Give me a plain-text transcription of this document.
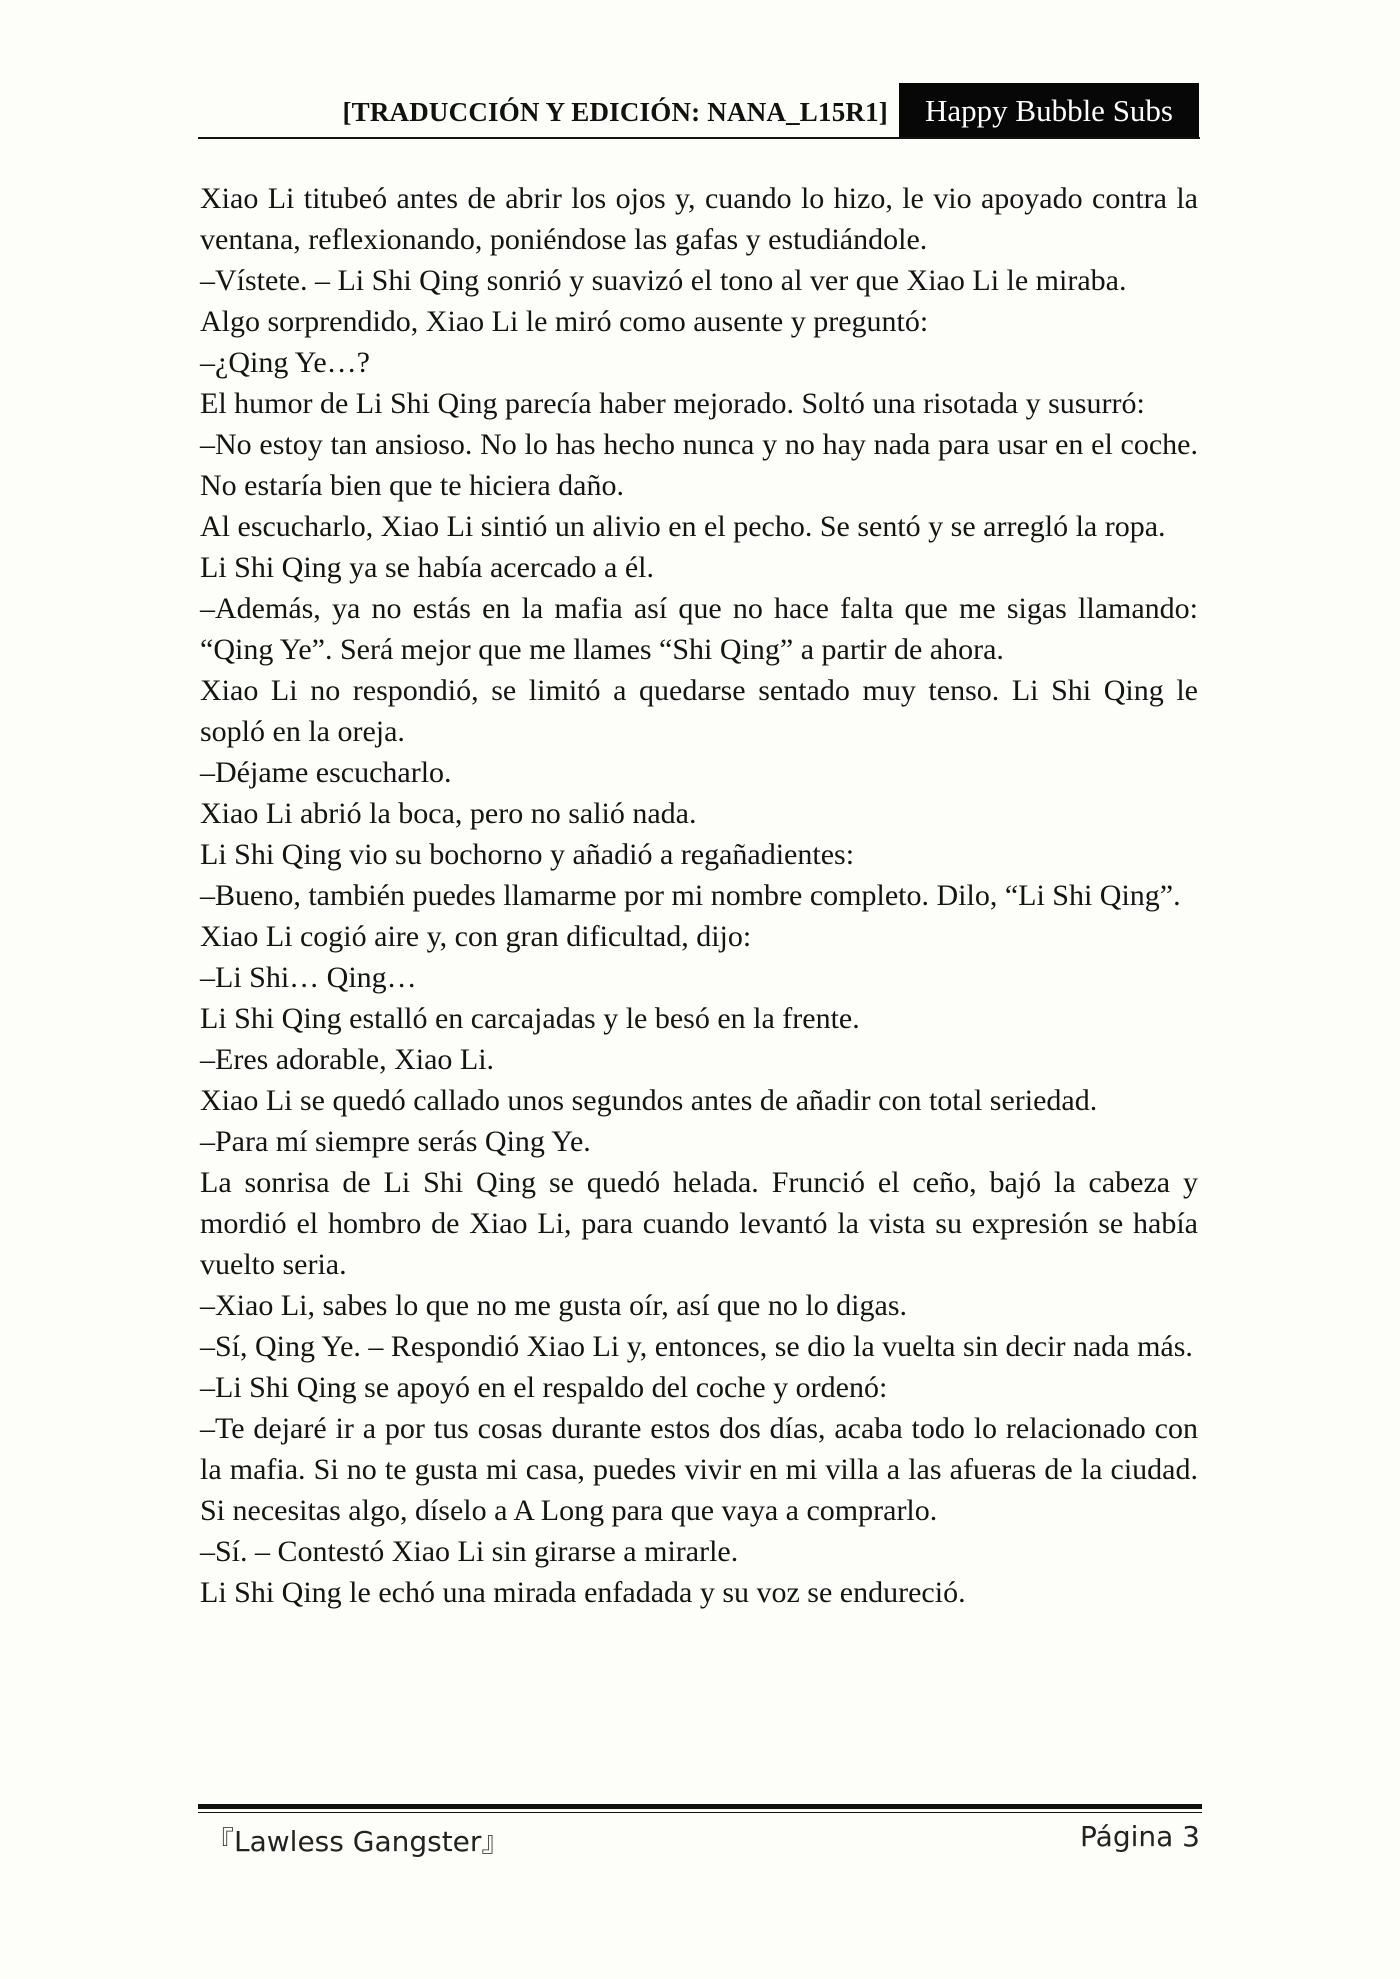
[TRADUCCIÓN Y EDICIÓN: NANA_L15R1]	Happy Bubble Subs

Xiao Li titubeó antes de abrir los ojos y, cuando lo hizo, le vio apoyado contra la ventana, reflexionando, poniéndose las gafas y estudiándole.

–Vístete. – Li Shi Qing sonrió y suavizó el tono al ver que Xiao Li le miraba.

Algo sorprendido, Xiao Li le miró como ausente y preguntó:

–¿Qing Ye…?

El humor de Li Shi Qing parecía haber mejorado. Soltó una risotada y susurró:

–No estoy tan ansioso. No lo has hecho nunca y no hay nada para usar en el coche. No estaría bien que te hiciera daño.

Al escucharlo, Xiao Li sintió un alivio en el pecho. Se sentó y se arregló la ropa.

Li Shi Qing ya se había acercado a él.

–Además, ya no estás en la mafia así que no hace falta que me sigas llamando: “Qing Ye”. Será mejor que me llames “Shi Qing” a partir de ahora.

Xiao Li no respondió, se limitó a quedarse sentado muy tenso. Li Shi Qing le sopló en la oreja.

–Déjame escucharlo.

Xiao Li abrió la boca, pero no salió nada.

Li Shi Qing vio su bochorno y añadió a regañadientes:

–Bueno, también puedes llamarme por mi nombre completo. Dilo, “Li Shi Qing”.

Xiao Li cogió aire y, con gran dificultad, dijo:

–Li Shi… Qing…

Li Shi Qing estalló en carcajadas y le besó en la frente.

–Eres adorable, Xiao Li.

Xiao Li se quedó callado unos segundos antes de añadir con total seriedad.

–Para mí siempre serás Qing Ye.

La sonrisa de Li Shi Qing se quedó helada. Frunció el ceño, bajó la cabeza y mordió el hombro de Xiao Li, para cuando levantó la vista su expresión se había vuelto seria.

–Xiao Li, sabes lo que no me gusta oír, así que no lo digas.

–Sí, Qing Ye. – Respondió Xiao Li y, entonces, se dio la vuelta sin decir nada más.

–Li Shi Qing se apoyó en el respaldo del coche y ordenó:

–Te dejaré ir a por tus cosas durante estos dos días, acaba todo lo relacionado con la mafia. Si no te gusta mi casa, puedes vivir en mi villa a las afueras de la ciudad. Si necesitas algo, díselo a A Long para que vaya a comprarlo.

–Sí. – Contestó Xiao Li sin girarse a mirarle.

Li Shi Qing le echó una mirada enfadada y su voz se endureció.

『Lawless Gangster』	Página 3
